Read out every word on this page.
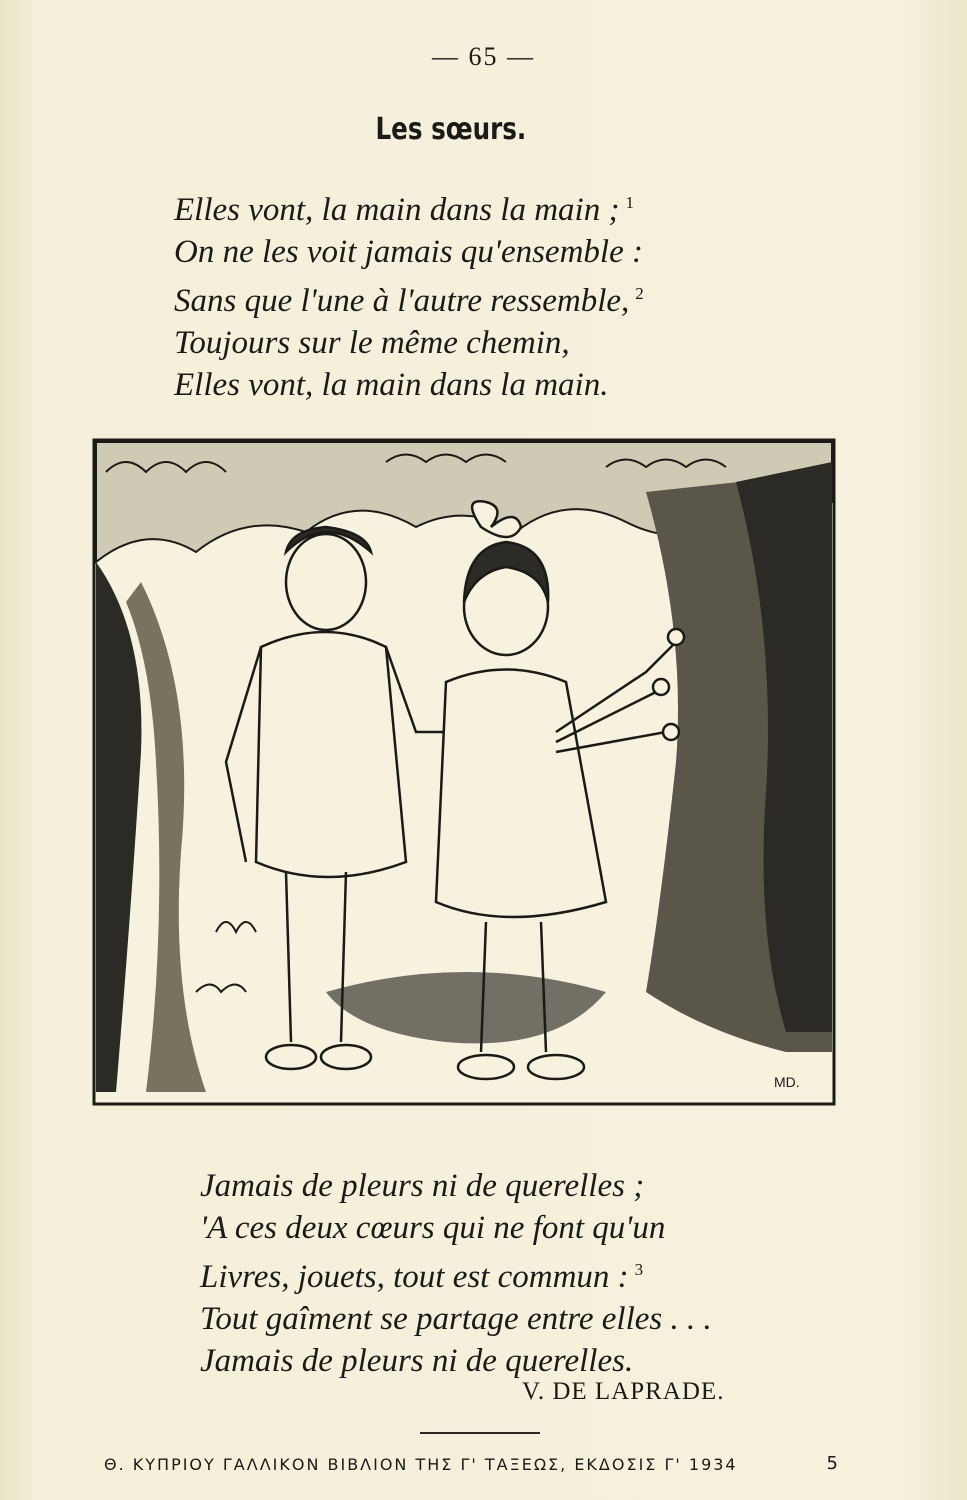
— 65 —
Les sœurs.
Elles vont, la main dans la main ; $^1$
On ne les voit jamais qu'ensemble :
Sans que l'une à l'autre ressemble, $^2$
Toujours sur le même chemin,
Elles vont, la main dans la main.
MD.
Jamais de pleurs ni de querelles ;
'A ces deux cœurs qui ne font qu'un
Livres, jouets, tout est commun : $^3$
Tout gaîment se partage entre elles . . .
Jamais de pleurs ni de querelles.
V. DE LAPRADE.
Θ. ΚΥΠΡΙΟΥ ΓΑΛΛΙΚΟΝ ΒΙΒΛΙΟΝ ΤΗΣ Γ' ΤΑΞΕΩΣ, ΕΚΔΟΣΙΣ Γ' 1934	5
